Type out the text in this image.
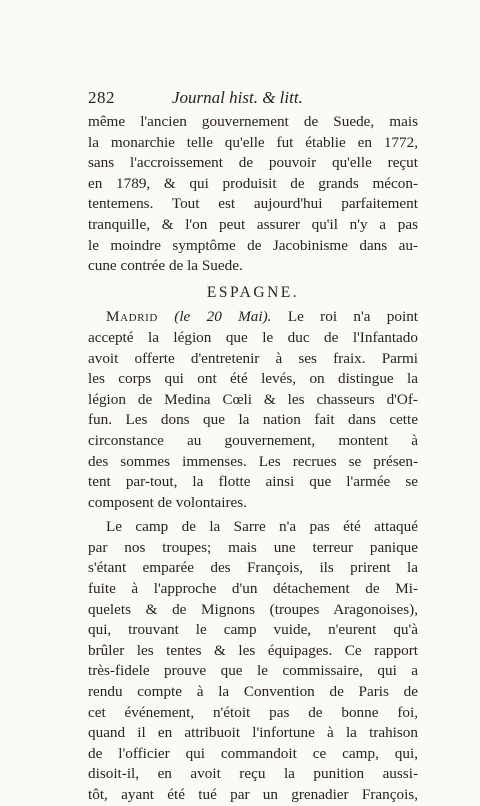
282	Journal hist. & litt.
même l'ancien gouvernement de Suede, mais
la monarchie telle qu'elle fut établie en 1772,
sans l'accroissement de pouvoir qu'elle reçut
en 1789, & qui produisit de grands mécon-
tentemens. Tout est aujourd'hui parfaitement
tranquille, & l'on peut assurer qu'il n'y a pas
le moindre symptôme de Jacobinisme dans au-
cune contrée de la Suede.
ESPAGNE.
Madrid (le 20 Mai). Le roi n'a point
accepté la légion que le duc de l'Infantado
avoit offerte d'entretenir à ses fraix. Parmi
les corps qui ont été levés, on distingue la
légion de Medina Cœli & les chasseurs d'Of-
fun. Les dons que la nation fait dans cette
circonstance au gouvernement, montent à
des sommes immenses. Les recrues se présen-
tent par-tout, la flotte ainsi que l'armée se
composent de volontaires.
Le camp de la Sarre n'a pas été attaqué
par nos troupes; mais une terreur panique
s'étant emparée des François, ils prirent la
fuite à l'approche d'un détachement de Mi-
quelets & de Mignons (troupes Aragonoises),
qui, trouvant le camp vuide, n'eurent qu'à
brûler les tentes & les équipages. Ce rapport
très-fidele prouve que le commissaire, qui a
rendu compte à la Convention de Paris de
cet événement, n'étoit pas de bonne foi,
quand il en attribuoit l'infortune à la trahison
de l'officier qui commandoit ce camp, qui,
disoit-il, en avoit reçu la punition aussi-
tôt, ayant été tué par un grenadier François,
